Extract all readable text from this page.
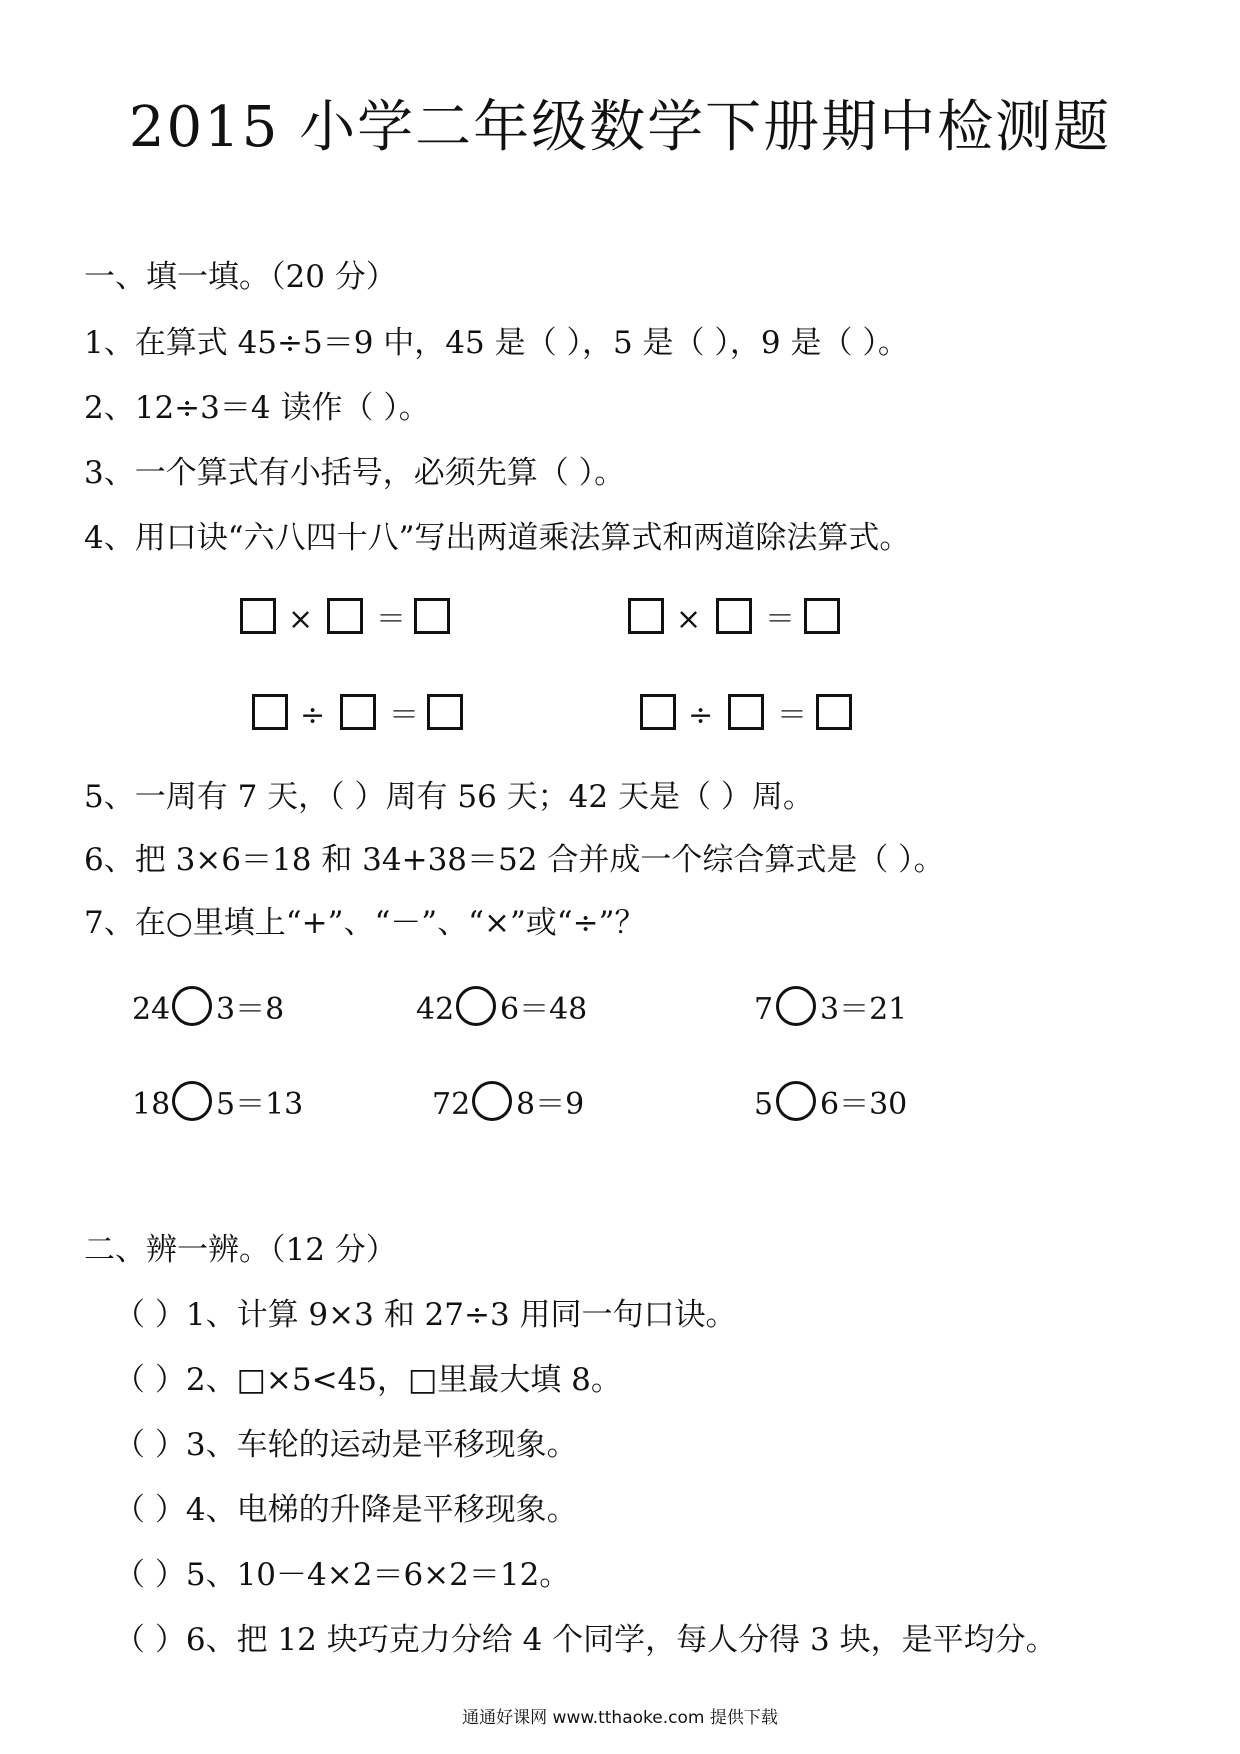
2015 小学二年级数学下册期中检测题
一、填一填。（20 分）
1、在算式 45÷5＝9 中，45 是（ ），5 是（ ），9 是（ ）。
2、12÷3＝4 读作（ ）。
3、一个算式有小括号，必须先算（ ）。
4、用口诀“六八四十八”写出两道乘法算式和两道除法算式。
× ＝	× ＝
÷ ＝	÷ ＝
5、一周有 7 天，（ ）周有 56 天；42 天是（ ）周。
6、把 3×6＝18 和 34+38＝52 合并成一个综合算式是（ ）。
7、在○里填上“+”、“－”、“×”或“÷”？
24 3＝8	42 6＝48	7 3＝21
18 5＝13	72 8＝9	5 6＝30
二、辨一辨。（12 分）
（ ）1、计算 9×3 和 27÷3 用同一句口诀。
（ ）2、□×5<45，□里最大填 8。
（ ）3、车轮的运动是平移现象。
（ ）4、电梯的升降是平移现象。
（ ）5、10－4×2＝6×2＝12。
（ ）6、把 12 块巧克力分给 4 个同学，每人分得 3 块，是平均分。
通通好课网 www.tthaoke.com 提供下载
